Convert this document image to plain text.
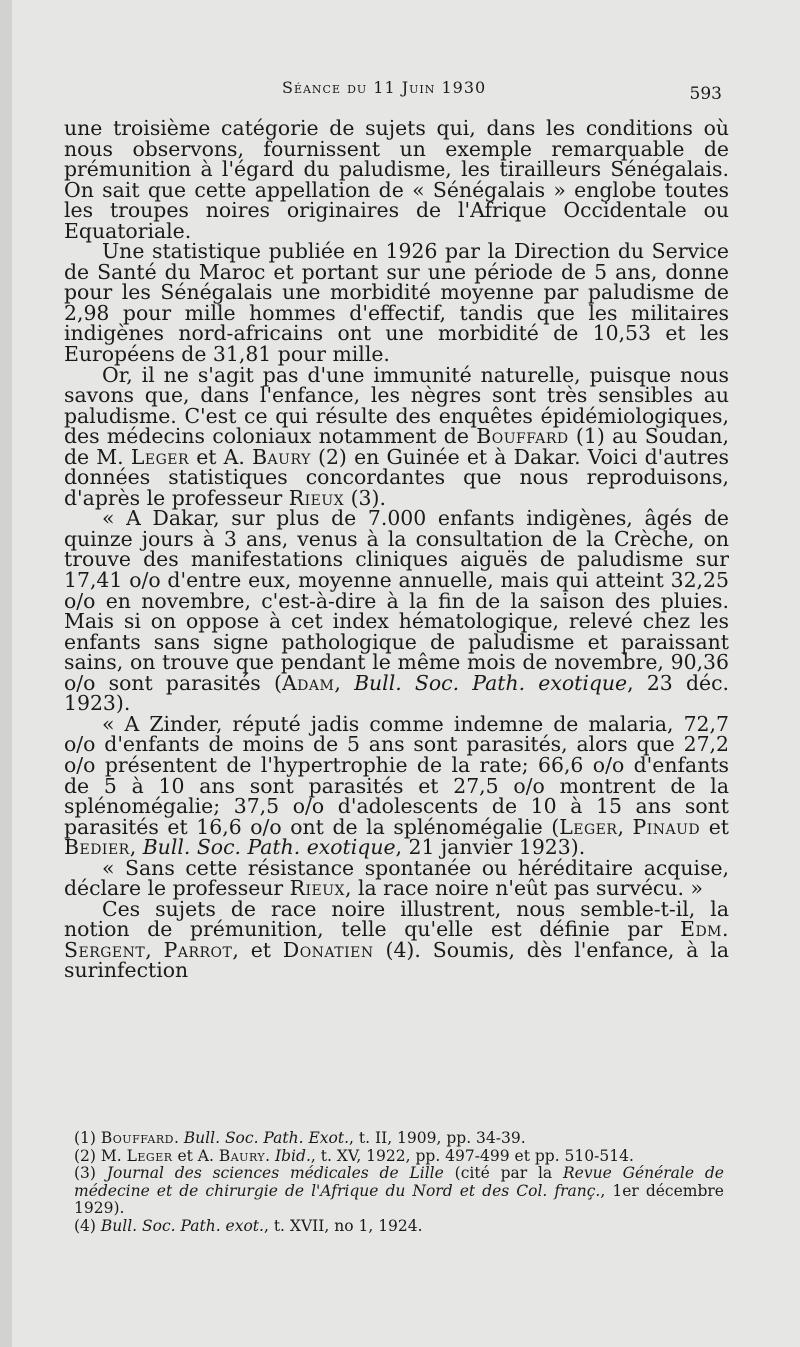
Séance du 11 Juin 1930	593

une troisième catégorie de sujets qui, dans les conditions où nous observons, fournissent un exemple remarquable de prémunition à l'égard du paludisme, les tirailleurs Sénégalais. On sait que cette appellation de « Sénégalais » englobe toutes les troupes noires originaires de l'Afrique Occidentale ou Equatoriale.

Une statistique publiée en 1926 par la Direction du Service de Santé du Maroc et portant sur une période de 5 ans, donne pour les Sénégalais une morbidité moyenne par paludisme de 2,98 pour mille hommes d'effectif, tandis que les militaires indigènes nord-africains ont une morbidité de 10,53 et les Européens de 31,81 pour mille.

Or, il ne s'agit pas d'une immunité naturelle, puisque nous savons que, dans l'enfance, les nègres sont très sensibles au paludisme. C'est ce qui résulte des enquêtes épidémiologiques, des médecins coloniaux notamment de Bouffard (1) au Soudan, de M. Leger et A. Baury (2) en Guinée et à Dakar. Voici d'autres données statistiques concordantes que nous reproduisons, d'après le professeur Rieux (3).

« A Dakar, sur plus de 7.000 enfants indigènes, âgés de quinze jours à 3 ans, venus à la consultation de la Crèche, on trouve des manifestations cliniques aiguës de paludisme sur 17,41 o/o d'entre eux, moyenne annuelle, mais qui atteint 32,25 o/o en novembre, c'est-à-dire à la fin de la saison des pluies. Mais si on oppose à cet index hématologique, relevé chez les enfants sans signe pathologique de paludisme et paraissant sains, on trouve que pendant le même mois de novembre, 90,36 o/o sont parasités (Adam, Bull. Soc. Path. exotique, 23 déc. 1923).

« A Zinder, réputé jadis comme indemne de malaria, 72,7 o/o d'enfants de moins de 5 ans sont parasités, alors que 27,2 o/o présentent de l'hypertrophie de la rate; 66,6 o/o d'enfants de 5 à 10 ans sont parasités et 27,5 o/o montrent de la splénomégalie; 37,5 o/o d'adolescents de 10 à 15 ans sont parasités et 16,6 o/o ont de la splénomégalie (Leger, Pinaud et Bedier, Bull. Soc. Path. exotique, 21 janvier 1923).

« Sans cette résistance spontanée ou héréditaire acquise, déclare le professeur Rieux, la race noire n'eût pas survécu. »

Ces sujets de race noire illustrent, nous semble-t-il, la notion de prémunition, telle qu'elle est définie par Edm. Sergent, Parrot, et Donatien (4). Soumis, dès l'enfance, à la surinfection

(1) Bouffard. Bull. Soc. Path. Exot., t. II, 1909, pp. 34-39.

(2) M. Leger et A. Baury. Ibid., t. XV, 1922, pp. 497-499 et pp. 510-514.

(3) Journal des sciences médicales de Lille (cité par la Revue Générale de médecine et de chirurgie de l'Afrique du Nord et des Col. franç., 1er décembre 1929).

(4) Bull. Soc. Path. exot., t. XVII, no 1, 1924.
